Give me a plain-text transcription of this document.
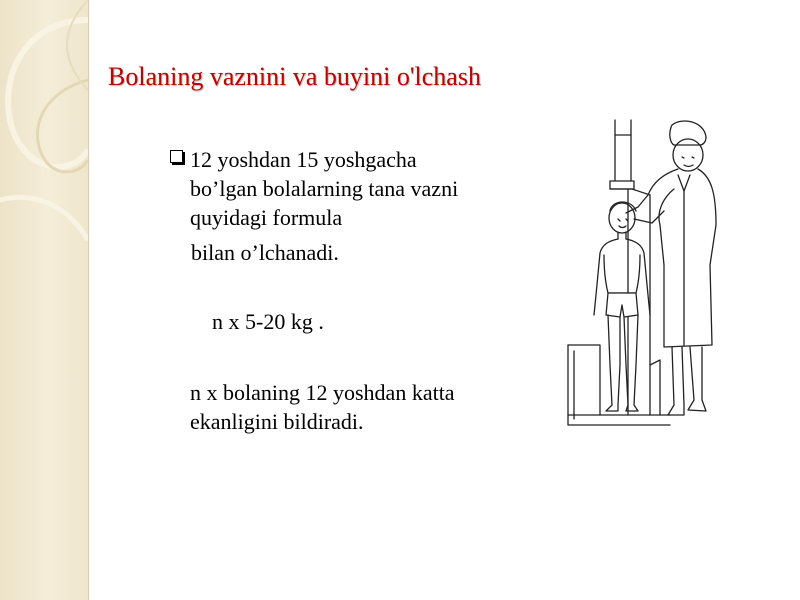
Bolaning vaznini va buyini o'lchash
12 yoshdan 15 yoshgacha
bo’lgan bolalarning tana vazni
quyidagi formula
bilan o’lchanadi.
n x 5-20 kg .
n x bolaning 12 yoshdan katta
ekanligini bildiradi.
